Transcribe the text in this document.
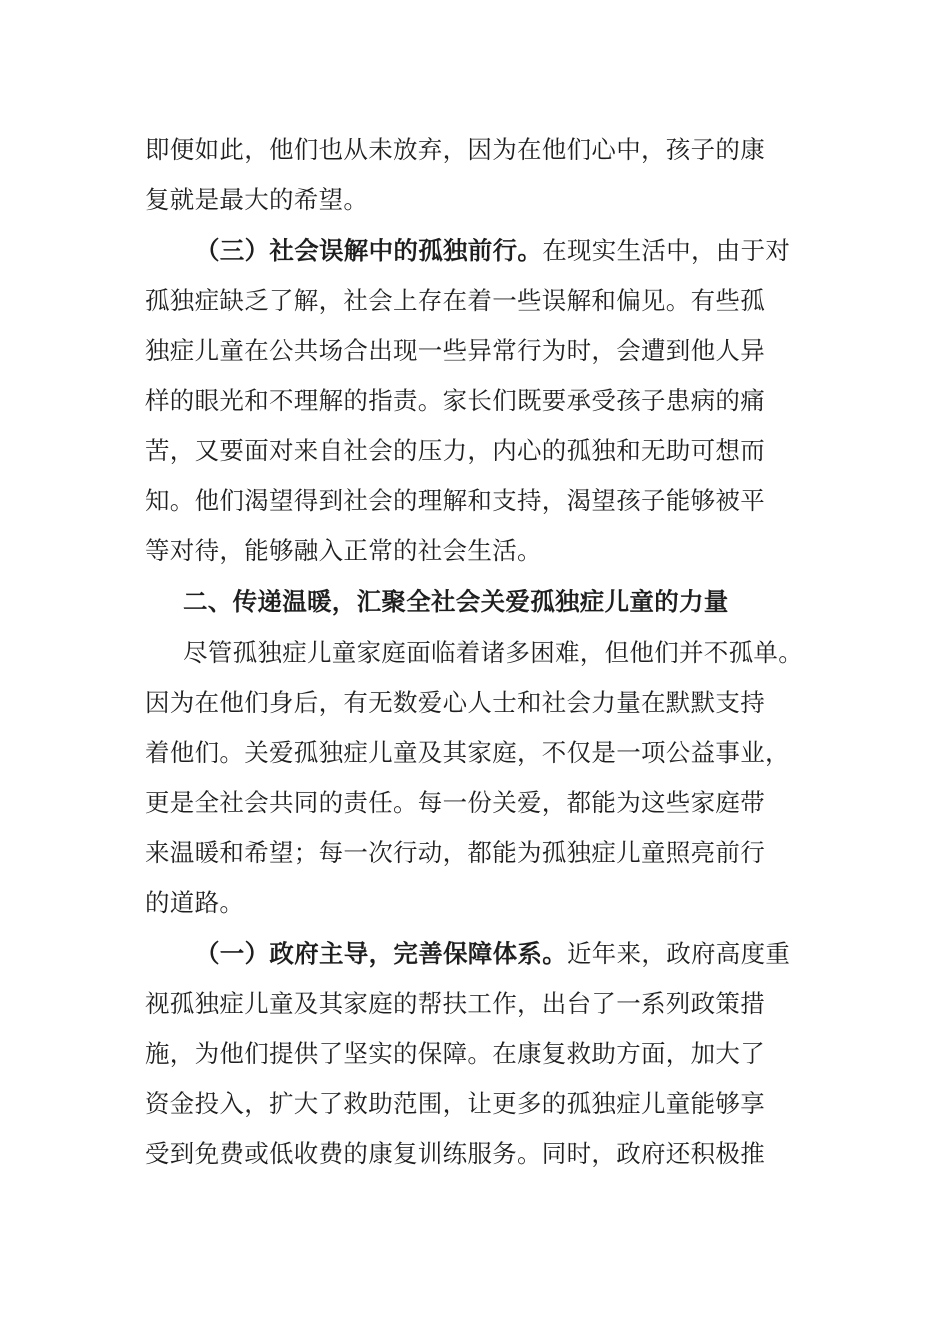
即便如此，他们也从未放弃，因为在他们心中，孩子的康
复就是最大的希望。
（三）社会误解中的孤独前行。在现实生活中，由于对
孤独症缺乏了解，社会上存在着一些误解和偏见。有些孤
独症儿童在公共场合出现一些异常行为时，会遭到他人异
样的眼光和不理解的指责。家长们既要承受孩子患病的痛
苦，又要面对来自社会的压力，内心的孤独和无助可想而
知。他们渴望得到社会的理解和支持，渴望孩子能够被平
等对待，能够融入正常的社会生活。
二、传递温暖，汇聚全社会关爱孤独症儿童的力量
尽管孤独症儿童家庭面临着诸多困难，但他们并不孤单。
因为在他们身后，有无数爱心人士和社会力量在默默支持
着他们。关爱孤独症儿童及其家庭，不仅是一项公益事业，
更是全社会共同的责任。每一份关爱，都能为这些家庭带
来温暖和希望；每一次行动，都能为孤独症儿童照亮前行
的道路。
（一）政府主导，完善保障体系。近年来，政府高度重
视孤独症儿童及其家庭的帮扶工作，出台了一系列政策措
施，为他们提供了坚实的保障。在康复救助方面，加大了
资金投入，扩大了救助范围，让更多的孤独症儿童能够享
受到免费或低收费的康复训练服务。同时，政府还积极推
